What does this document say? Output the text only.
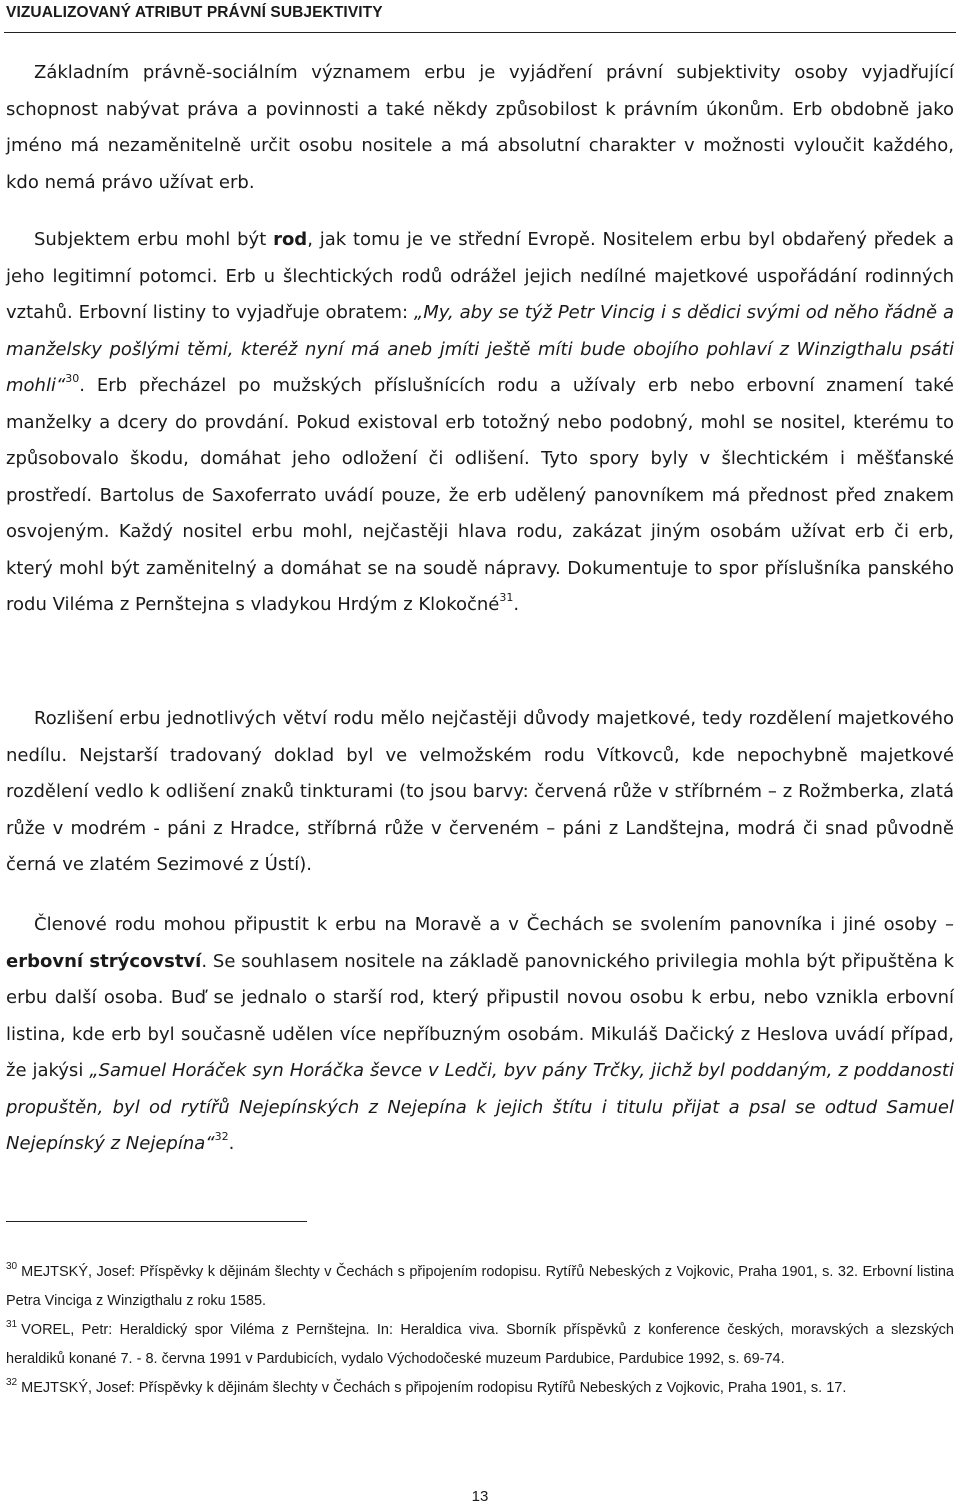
VIZUALIZOVANÝ ATRIBUT PRÁVNÍ SUBJEKTIVITY

Základním právně-sociálním významem erbu je vyjádření právní subjektivity osoby vyjadřující schopnost nabývat práva a povinnosti a také někdy způsobilost k právním úkonům. Erb obdobně jako jméno má nezaměnitelně určit osobu nositele a má absolutní charakter v možnosti vyloučit každého, kdo nemá právo užívat erb.

Subjektem erbu mohl být rod, jak tomu je ve střední Evropě. Nositelem erbu byl obdařený předek a jeho legitimní potomci. Erb u šlechtických rodů odrážel jejich nedílné majetkové uspořádání rodinných vztahů. Erbovní listiny to vyjadřuje obratem: „My, aby se týž Petr Vincig i s dědici svými od něho řádně a manželsky pošlými těmi, kteréž nyní má aneb jmíti ještě míti bude obojího pohlaví z Winzigthalu psáti mohli“$^{30}$. Erb přecházel po mužských příslušnících rodu a užívaly erb nebo erbovní znamení také manželky a dcery do provdání. Pokud existoval erb totožný nebo podobný, mohl se nositel, kterému to způsobovalo škodu, domáhat jeho odložení či odlišení. Tyto spory byly v šlechtickém i měšťanské prostředí. Bartolus de Saxoferrato uvádí pouze, že erb udělený panovníkem má přednost před znakem osvojeným. Každý nositel erbu mohl, nejčastěji hlava rodu, zakázat jiným osobám užívat erb či erb, který mohl být zaměnitelný a domáhat se na soudě nápravy. Dokumentuje to spor příslušníka panského rodu Viléma z Pernštejna s vladykou Hrdým z Klokočné$^{31}$.

Rozlišení erbu jednotlivých větví rodu mělo nejčastěji důvody majetkové, tedy rozdělení majetkového nedílu. Nejstarší tradovaný doklad byl ve velmožském rodu Vítkovců, kde nepochybně majetkové rozdělení vedlo k odlišení znaků tinkturami (to jsou barvy: červená růže v stříbrném – z Rožmberka, zlatá růže v modrém - páni z Hradce, stříbrná růže v červeném – páni z Landštejna, modrá či snad původně černá ve zlatém Sezimové z Ústí).

Členové rodu mohou připustit k erbu na Moravě a v Čechách se svolením panovníka i jiné osoby – erbovní strýcovství. Se souhlasem nositele na základě panovnického privilegia mohla být připuštěna k erbu další osoba. Buď se jednalo o starší rod, který připustil novou osobu k erbu, nebo vznikla erbovní listina, kde erb byl současně udělen více nepříbuzným osobám. Mikuláš Dačický z Heslova uvádí případ, že jakýsi „Samuel Horáček syn Horáčka ševce v Ledči, byv pány Trčky, jichž byl poddaným, z poddanosti propuštěn, byl od rytířů Nejepínských z Nejepína k jejich štítu i titulu přijat a psal se odtud Samuel Nejepínský z Nejepína“$^{32}$.

$^{30}$ MEJTSKÝ, Josef: Příspěvky k dějinám šlechty v Čechách s připojením rodopisu. Rytířů Nebeských z Vojkovic, Praha 1901, s. 32. Erbovní listina Petra Vinciga z Winzigthalu z roku 1585.

$^{31}$ VOREL, Petr: Heraldický spor Viléma z Pernštejna. In: Heraldica viva. Sborník příspěvků z konference českých, moravských a slezských heraldiků konané 7. - 8. června 1991 v Pardubicích, vydalo Východočeské muzeum Pardubice, Pardubice 1992, s. 69-74.

$^{32}$ MEJTSKÝ, Josef: Příspěvky k dějinám šlechty v Čechách s připojením rodopisu Rytířů Nebeských z Vojkovic, Praha 1901, s. 17.

13
